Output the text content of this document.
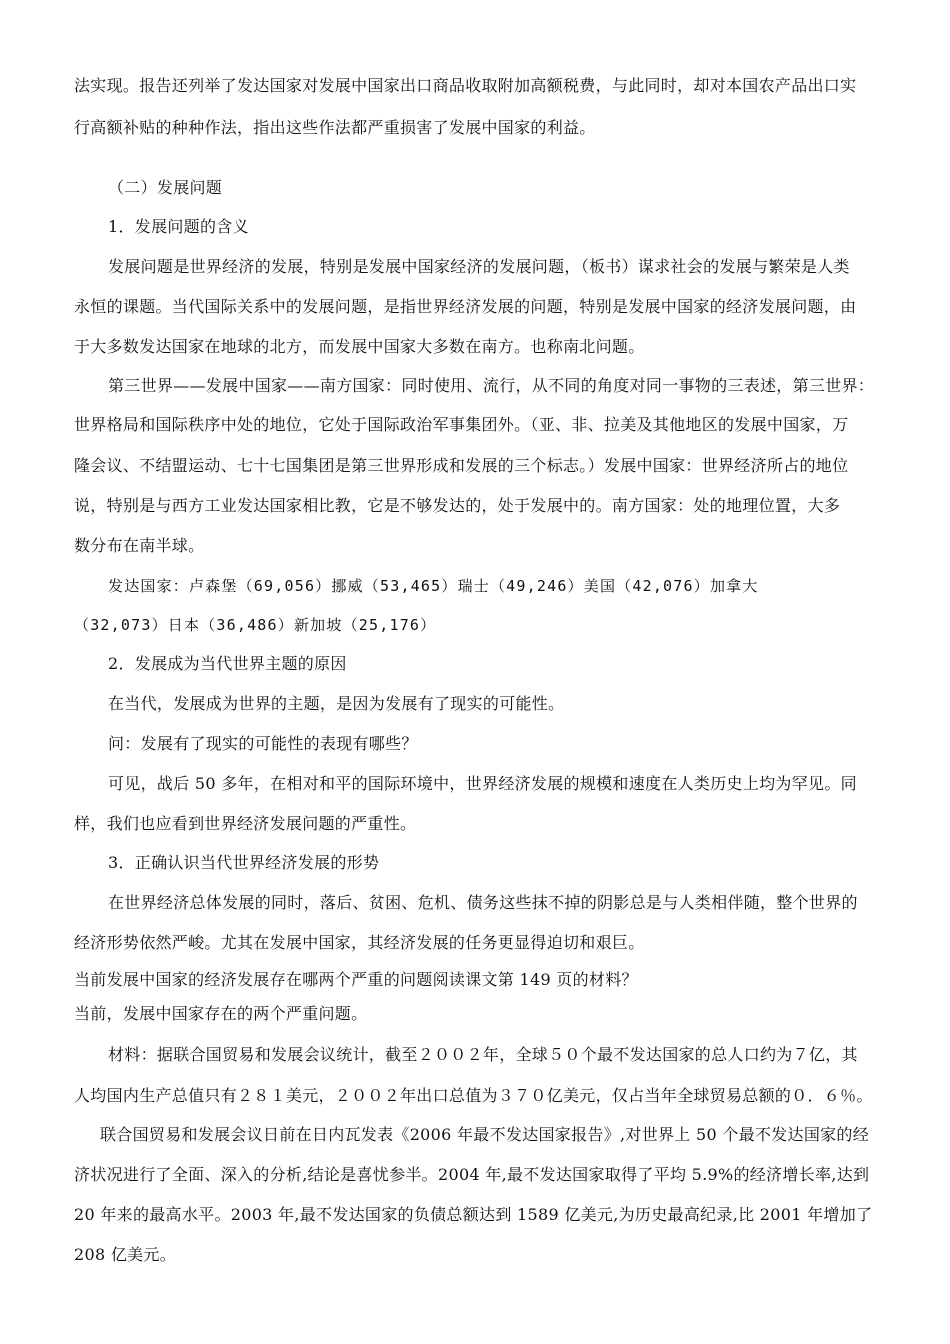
法实现。报告还列举了发达国家对发展中国家出口商品收取附加高额税费，与此同时，却对本国农产品出口实
行高额补贴的种种作法，指出这些作法都严重损害了发展中国家的利益。
（二）发展问题
1．发展问题的含义
发展问题是世界经济的发展，特别是发展中国家经济的发展问题，（板书）谋求社会的发展与繁荣是人类
永恒的课题。当代国际关系中的发展问题，是指世界经济发展的问题，特别是发展中国家的经济发展问题，由
于大多数发达国家在地球的北方，而发展中国家大多数在南方。也称南北问题。
第三世界——发展中国家——南方国家：同时使用、流行，从不同的角度对同一事物的三表述，第三世界：
世界格局和国际秩序中处的地位，它处于国际政治军事集团外。（亚、非、拉美及其他地区的发展中国家，万
隆会议、不结盟运动、七十七国集团是第三世界形成和发展的三个标志。）发展中国家：世界经济所占的地位
说，特别是与西方工业发达国家相比教，它是不够发达的，处于发展中的。南方国家：处的地理位置，大多
数分布在南半球。
发达国家：卢森堡（69,056）挪威（53,465）瑞士（49,246）美国（42,076）加拿大
（32,073）日本（36,486）新加坡（25,176）
2．发展成为当代世界主题的原因
在当代，发展成为世界的主题，是因为发展有了现实的可能性。
问：发展有了现实的可能性的表现有哪些？
可见，战后 50 多年，在相对和平的国际环境中，世界经济发展的规模和速度在人类历史上均为罕见。同
样，我们也应看到世界经济发展问题的严重性。
3．正确认识当代世界经济发展的形势
在世界经济总体发展的同时，落后、贫困、危机、债务这些抹不掉的阴影总是与人类相伴随，整个世界的
经济形势依然严峻。尤其在发展中国家，其经济发展的任务更显得迫切和艰巨。
当前发展中国家的经济发展存在哪两个严重的问题阅读课文第 149 页的材料？
当前，发展中国家存在的两个严重问题。
材料：据联合国贸易和发展会议统计，截至２００２年，全球５０个最不发达国家的总人口约为７亿，其
人均国内生产总值只有２８１美元，２００２年出口总值为３７０亿美元，仅占当年全球贸易总额的０．６％。
联合国贸易和发展会议日前在日内瓦发表《2006 年最不发达国家报告》,对世界上 50 个最不发达国家的经
济状况进行了全面、深入的分析,结论是喜忧参半。2004 年,最不发达国家取得了平均 5.9%的经济增长率,达到
20 年来的最高水平。2003 年,最不发达国家的负债总额达到 1589 亿美元,为历史最高纪录,比 2001 年增加了
208 亿美元。
